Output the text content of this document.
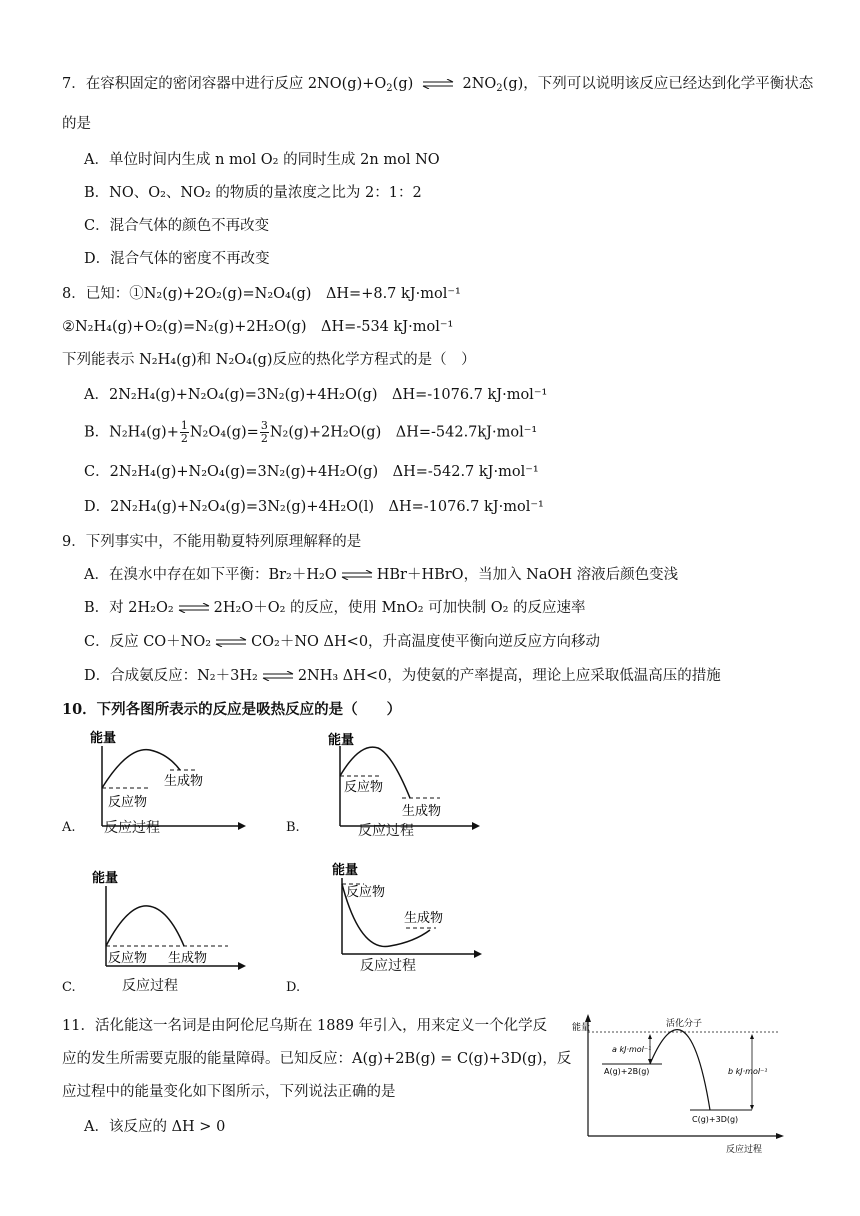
7．在容积固定的密闭容器中进行反应 $2NO(g)+O_2(g)$ ⇌ $2NO_2(g)$，下列可以说明该反应已经达到化学平衡状态
的是
A．单位时间内生成 n mol O₂ 的同时生成 2n mol NO
B．NO、O₂、NO₂ 的物质的量浓度之比为 2：1：2
C．混合气体的颜色不再改变
D．混合气体的密度不再改变
8．已知：①N₂(g)+2O₂(g)=N₂O₄(g)　ΔH=+8.7 kJ·mol⁻¹
②N₂H₄(g)+O₂(g)=N₂(g)+2H₂O(g)　ΔH=-534 kJ·mol⁻¹
下列能表示 N₂H₄(g)和 N₂O₄(g)反应的热化学方程式的是（　）
A．2N₂H₄(g)+N₂O₄(g)=3N₂(g)+4H₂O(g)　ΔH=-1076.7 kJ·mol⁻¹
B．$N_2H_4(g)+ \frac{1}{2} N_2O_4(g)= \frac{3}{2} N_2(g)+2H_2O(g)$　ΔH=-542.7kJ·mol⁻¹
C．2N₂H₄(g)+N₂O₄(g)=3N₂(g)+4H₂O(g)　ΔH=-542.7 kJ·mol⁻¹
D．2N₂H₄(g)+N₂O₄(g)=3N₂(g)+4H₂O(l)　ΔH=-1076.7 kJ·mol⁻¹
9．下列事实中，不能用勒夏特列原理解释的是
A．在溴水中存在如下平衡：Br₂＋H₂O ⇌ HBr＋HBrO，当加入 NaOH 溶液后颜色变浅
B．对 2H₂O₂ ⇌ 2H₂O＋O₂ 的反应，使用 MnO₂ 可加快制 O₂ 的反应速率
C．反应 CO＋NO₂ ⇌ CO₂＋NO ΔH<0，升高温度使平衡向逆反应方向移动
D．合成氨反应：N₂＋3H₂ ⇌ 2NH₃ ΔH<0，为使氨的产率提高，理论上应采取低温高压的措施
10．下列各图所表示的反应是吸热反应的是（　　）
能量
生成物
反应物
反应过程
A.
能量
反应物
生成物
反应过程
B.
能量
反应物 生成物
反应过程
C.
能量
反应物
生成物
反应过程
D.
11．活化能这一名词是由阿伦尼乌斯在 1889 年引入，用来定义一个化学反
应的发生所需要克服的能量障碍。已知反应：A(g)+2B(g) = C(g)+3D(g)，反
应过程中的能量变化如下图所示，下列说法正确的是
A．该反应的 ΔH > 0
能量	活化分子
a kJ·mol⁻¹
b kJ·mol⁻¹
A(g)+2B(g)
C(g)+3D(g)
反应过程
